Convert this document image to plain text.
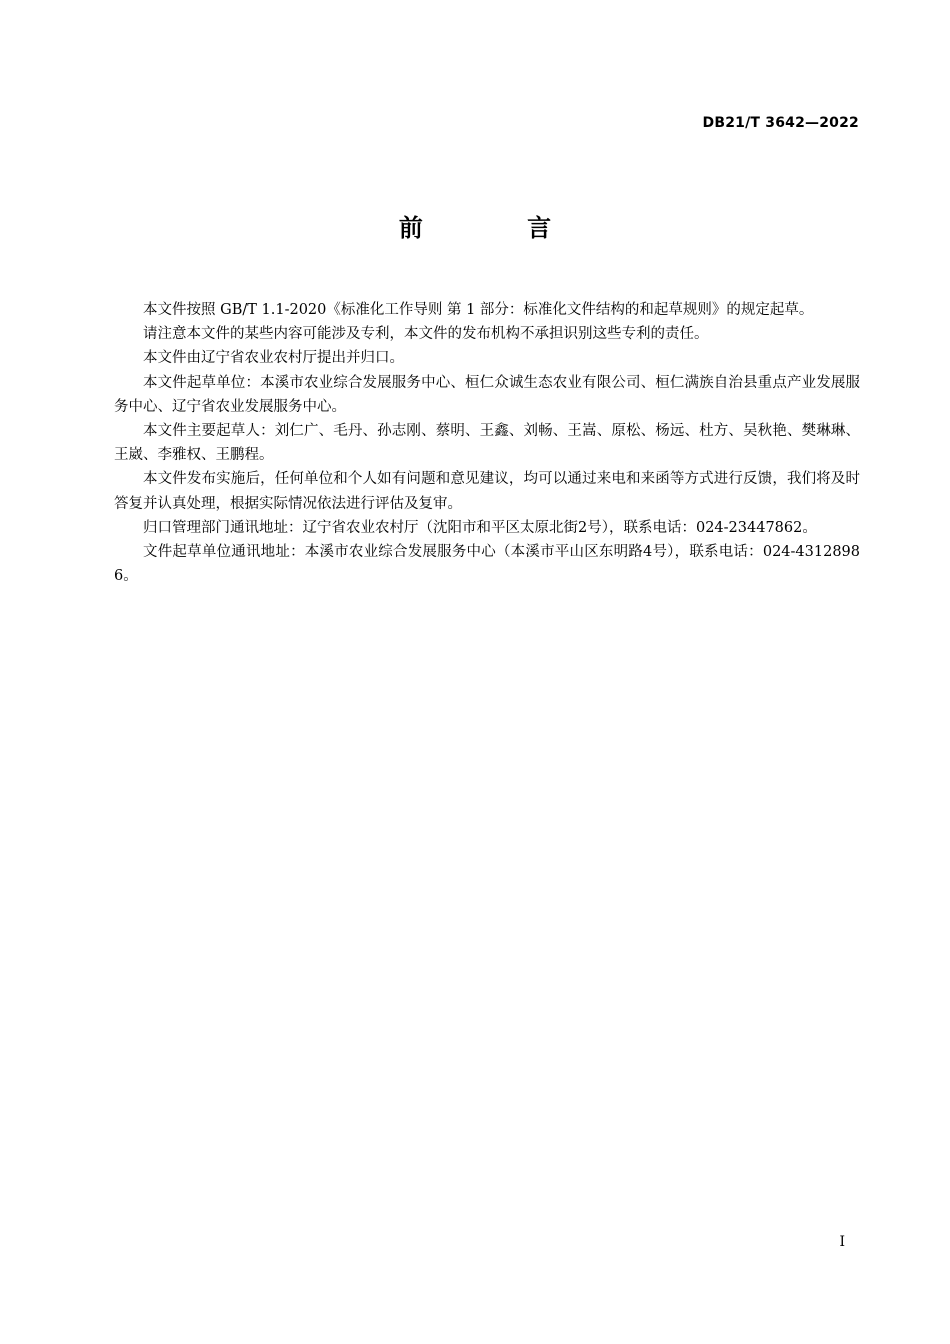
DB21/T 3642—2022
前 言

本文件按照 GB/T 1.1-2020《标准化工作导则 第 1 部分：标准化文件结构的和起草规则》的规定起草。

请注意本文件的某些内容可能涉及专利，本文件的发布机构不承担识别这些专利的责任。

本文件由辽宁省农业农村厅提出并归口。

本文件起草单位：本溪市农业综合发展服务中心、桓仁众诚生态农业有限公司、桓仁满族自治县重点产业发展服务中心、辽宁省农业发展服务中心。

本文件主要起草人：刘仁广、毛丹、孙志刚、蔡明、王鑫、刘畅、王嵩、原松、杨远、杜方、吴秋艳、樊琳琳、王崴、李雅权、王鹏程。

本文件发布实施后，任何单位和个人如有问题和意见建议，均可以通过来电和来函等方式进行反馈，我们将及时答复并认真处理，根据实际情况依法进行评估及复审。

归口管理部门通讯地址：辽宁省农业农村厅（沈阳市和平区太原北街2号），联系电话：024-23447862。

文件起草单位通讯地址：本溪市农业综合发展服务中心（本溪市平山区东明路4号），联系电话：024-43128986。

I
